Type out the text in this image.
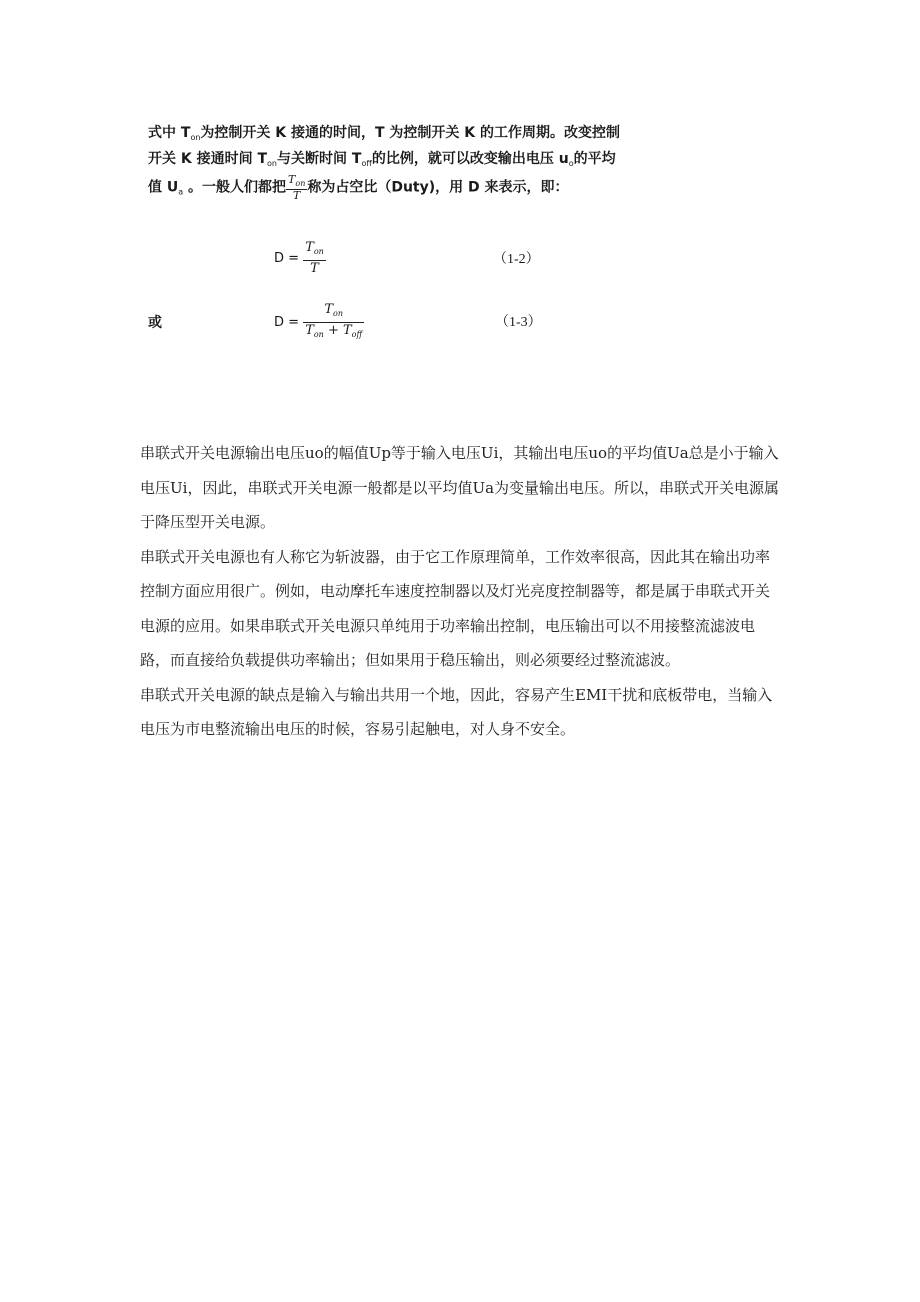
式中 $T_{on}$为控制开关 K 接通的时间，T 为控制开关 K 的工作周期。改变控制
开关 K 接通时间 $T_{on}$与关断时间 $T_{off}$的比例，就可以改变输出电压 $u_o$的平均
值 $U_a$ 。一般人们都把 $\frac{T_{on}}{T}$ 称为占空比（Duty)，用 D 来表示，即：
$D = \frac{T_{on}}{T}$	（1-2）
或	$D = \frac{T_{on}}{T_{on} + T_{off}}$	（1-3）

串联式开关电源输出电压uo的幅值Up等于输入电压Ui，其输出电压uo的平均值Ua总是小于输入电压Ui，因此，串联式开关电源一般都是以平均值Ua为变量输出电压。所以，串联式开关电源属于降压型开关电源。

串联式开关电源也有人称它为斩波器，由于它工作原理简单，工作效率很高，因此其在输出功率控制方面应用很广。例如，电动摩托车速度控制器以及灯光亮度控制器等，都是属于串联式开关电源的应用。如果串联式开关电源只单纯用于功率输出控制，电压输出可以不用接整流滤波电路，而直接给负载提供功率输出；但如果用于稳压输出，则必须要经过整流滤波。

串联式开关电源的缺点是输入与输出共用一个地，因此，容易产生EMI干扰和底板带电，当输入电压为市电整流输出电压的时候，容易引起触电，对人身不安全。
